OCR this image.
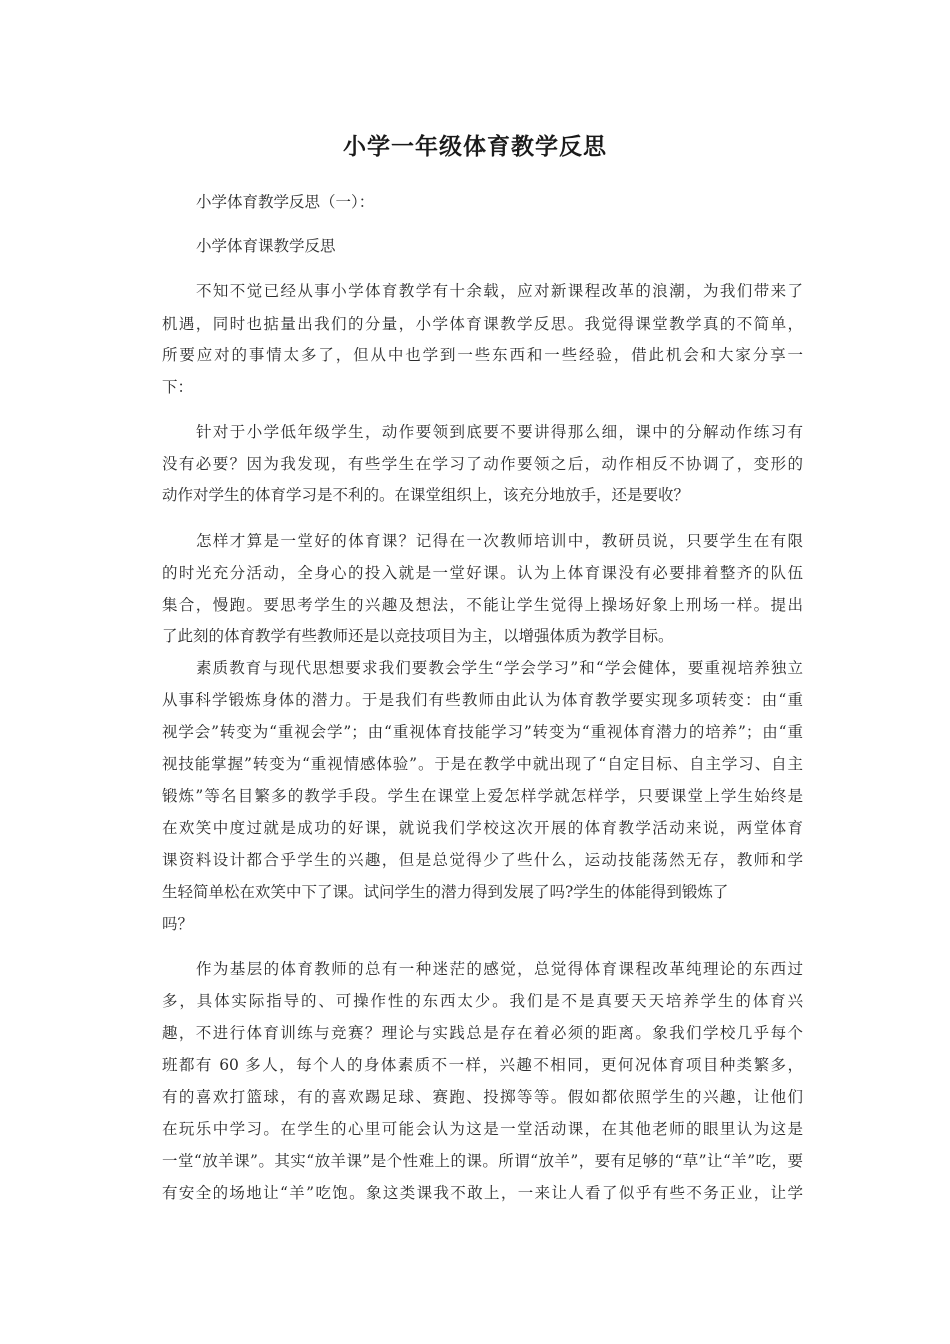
小学一年级体育教学反思
小学体育教学反思（一）：
小学体育课教学反思
不知不觉已经从事小学体育教学有十余载，应对新课程改革的浪潮，为我们带来了
机遇，同时也掂量出我们的分量，小学体育课教学反思。我觉得课堂教学真的不简单，
所要应对的事情太多了，但从中也学到一些东西和一些经验，借此机会和大家分享一
下：
针对于小学低年级学生，动作要领到底要不要讲得那么细，课中的分解动作练习有
没有必要？因为我发现，有些学生在学习了动作要领之后，动作相反不协调了，变形的
动作对学生的体育学习是不利的。在课堂组织上，该充分地放手，还是要收？
怎样才算是一堂好的体育课？记得在一次教师培训中，教研员说，只要学生在有限
的时光充分活动，全身心的投入就是一堂好课。认为上体育课没有必要排着整齐的队伍
集合，慢跑。要思考学生的兴趣及想法，不能让学生觉得上操场好象上刑场一样。提出
了此刻的体育教学有些教师还是以竞技项目为主，以增强体质为教学目标。
素质教育与现代思想要求我们要教会学生“学会学习”和“学会健体，要重视培养独立
从事科学锻炼身体的潜力。于是我们有些教师由此认为体育教学要实现多项转变：由“重
视学会”转变为“重视会学”；由“重视体育技能学习”转变为“重视体育潜力的培养”；由“重
视技能掌握”转变为“重视情感体验”。于是在教学中就出现了“自定目标、自主学习、自主
锻炼”等名目繁多的教学手段。学生在课堂上爱怎样学就怎样学，只要课堂上学生始终是
在欢笑中度过就是成功的好课，就说我们学校这次开展的体育教学活动来说，两堂体育
课资料设计都合乎学生的兴趣，但是总觉得少了些什么，运动技能荡然无存，教师和学
生轻简单松在欢笑中下了课。试问学生的潜力得到发展了吗?学生的体能得到锻炼了
吗？
作为基层的体育教师的总有一种迷茫的感觉，总觉得体育课程改革纯理论的东西过
多，具体实际指导的、可操作性的东西太少。我们是不是真要天天培养学生的体育兴
趣，不进行体育训练与竞赛？理论与实践总是存在着必须的距离。象我们学校几乎每个
班都有 60 多人，每个人的身体素质不一样，兴趣不相同，更何况体育项目种类繁多，
有的喜欢打篮球，有的喜欢踢足球、赛跑、投掷等等。假如都依照学生的兴趣，让他们
在玩乐中学习。在学生的心里可能会认为这是一堂活动课，在其他老师的眼里认为这是
一堂“放羊课”。其实“放羊课”是个性难上的课。所谓“放羊”，要有足够的“草”让“羊”吃，要
有安全的场地让“羊”吃饱。象这类课我不敢上，一来让人看了似乎有些不务正业，让学
